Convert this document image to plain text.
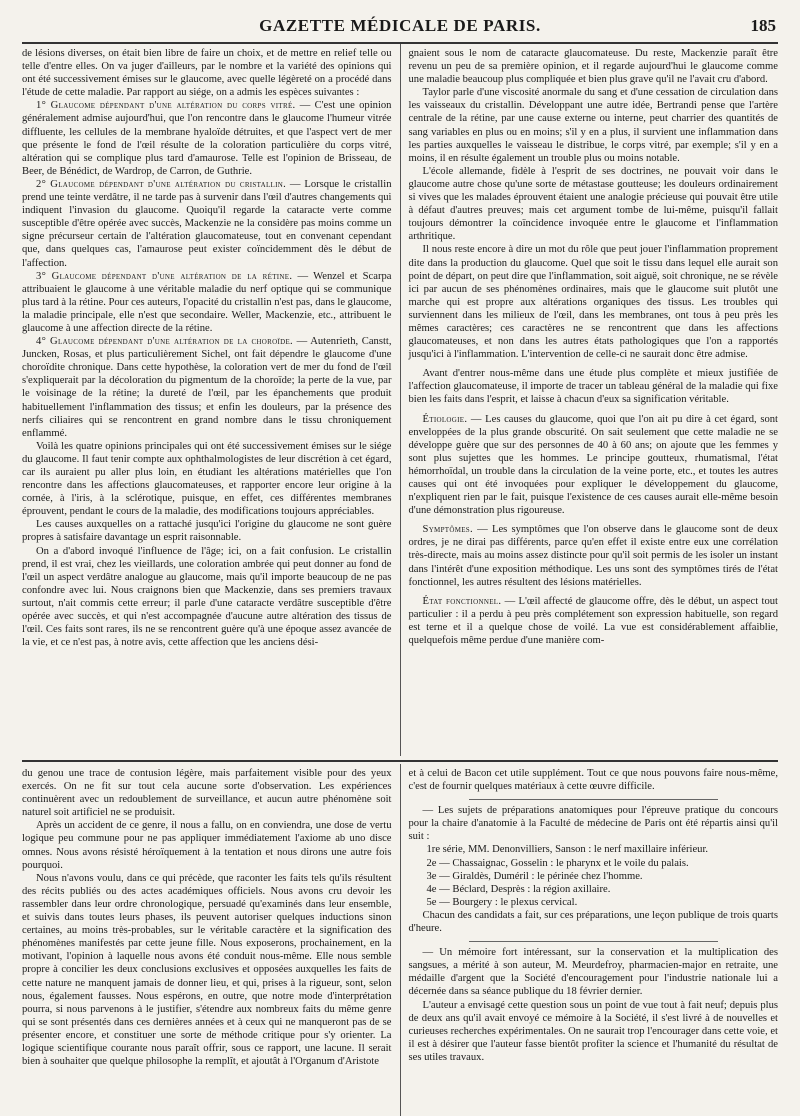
GAZETTE MÉDICALE DE PARIS.	185

de lésions diverses, on était bien libre de faire un choix, et de mettre en relief telle ou telle d'entre elles. On va juger d'ailleurs, par le nombre et la variété des opinions qui ont été successivement émises sur le glaucome, avec quelle légèreté on a procédé dans l'étude de cette maladie. Par rapport au siége, on a admis les espèces suivantes :

1° Glaucome dépendant d'une altération du corps vitré. — C'est une opinion généralement admise aujourd'hui, que l'on rencontre dans le glaucome l'humeur vitrée diffluente, les cellules de la membrane hyaloïde détruites, et que l'aspect vert de mer que présente le fond de l'œil résulte de la coloration particulière du corps vitré, altération qui se complique plus tard d'amaurose. Telle est l'opinion de Brisseau, de Beer, de Bénédict, de Wardrop, de Carron, de Guthrie.

2° Glaucome dépendant d'une altération du cristallin. — Lorsque le cristallin prend une teinte verdâtre, il ne tarde pas à survenir dans l'œil d'autres changements qui indiquent l'invasion du glaucome. Quoiqu'il regarde la cataracte verte comme susceptible d'être opérée avec succès, Mackenzie ne la considère pas moins comme un signe précurseur certain de l'altération glaucomateuse, tout en convenant cependant que, dans quelques cas, l'amaurose peut exister coïncidemment dès le début de l'affection.

3° Glaucome dépendant d'une altération de la rétine. — Wenzel et Scarpa attribuaient le glaucome à une véritable maladie du nerf optique qui se communique plus tard à la rétine. Pour ces auteurs, l'opacité du cristallin n'est pas, dans le glaucome, la maladie principale, elle n'est que secondaire. Weller, Mackenzie, etc., attribuent le glaucome à une affection directe de la rétine.

4° Glaucome dépendant d'une altération de la choroïde. — Autenrieth, Canstt, Juncken, Rosas, et plus particulièrement Sichel, ont fait dépendre le glaucome d'une choroïdite chronique. Dans cette hypothèse, la coloration vert de mer du fond de l'œil s'expliquerait par la décoloration du pigmentum de la choroïde; la perte de la vue, par le voisinage de la rétine; la dureté de l'œil, par les épanchements que produit habituellement l'inflammation des tissus; et enfin les douleurs, par la présence des nerfs ciliaires qui se rencontrent en grand nombre dans le tissu chroniquement enflammé.

Voilà les quatre opinions principales qui ont été successivement émises sur le siége du glaucome. Il faut tenir compte aux ophthalmologistes de leur discrétion à cet égard, car ils auraient pu aller plus loin, en étudiant les altérations matérielles que l'on rencontre dans les affections glaucomateuses, et rapporter encore leur origine à la cornée, à l'iris, à la sclérotique, puisque, en effet, ces différentes membranes éprouvent, pendant le cours de la maladie, des modifications toujours appréciables.

Les causes auxquelles on a rattaché jusqu'ici l'origine du glaucome ne sont guère propres à satisfaire davantage un esprit raisonnable.

On a d'abord invoqué l'influence de l'âge; ici, on a fait confusion. Le cristallin prend, il est vrai, chez les vieillards, une coloration ambrée qui peut donner au fond de l'œil un aspect verdâtre analogue au glaucome, mais qu'il importe beaucoup de ne pas confondre avec lui. Nous craignons bien que Mackenzie, dans ses premiers travaux surtout, n'ait commis cette erreur; il parle d'une cataracte verdâtre susceptible d'être opérée avec succès, et qui n'est accompagnée d'aucune autre altération des tissus de l'œil. Ces faits sont rares, ils ne se rencontrent guère qu'à une époque assez avancée de la vie, et ce n'est pas, à notre avis, cette affection que les anciens dési-

gnaient sous le nom de cataracte glaucomateuse. Du reste, Mackenzie paraît être revenu un peu de sa première opinion, et il regarde aujourd'hui le glaucome comme une maladie beaucoup plus compliquée et bien plus grave qu'il ne l'avait cru d'abord.

Taylor parle d'une viscosité anormale du sang et d'une cessation de circulation dans les vaisseaux du cristallin. Développant une autre idée, Bertrandi pense que l'artère centrale de la rétine, par une cause externe ou interne, peut charrier des quantités de sang variables en plus ou en moins; s'il y en a plus, il survient une inflammation dans les parties auxquelles le vaisseau le distribue, le corps vitré, par exemple; s'il y en a moins, il en résulte également un trouble plus ou moins notable.

L'école allemande, fidèle à l'esprit de ses doctrines, ne pouvait voir dans le glaucome autre chose qu'une sorte de métastase goutteuse; les douleurs ordinairement si vives que les malades éprouvent étaient une analogie précieuse qui pouvait être utile à défaut d'autres preuves; mais cet argument tombe de lui-même, puisqu'il fallait toujours démontrer la coïncidence invoquée entre le glaucome et l'inflammation arthritique.

Il nous reste encore à dire un mot du rôle que peut jouer l'inflammation proprement dite dans la production du glaucome. Quel que soit le tissu dans lequel elle aurait son point de départ, on peut dire que l'inflammation, soit aiguë, soit chronique, ne se révèle ici par aucun de ses phénomènes ordinaires, mais que le glaucome suit plutôt une marche qui est propre aux altérations organiques des tissus. Les troubles qui surviennent dans les milieux de l'œil, dans les membranes, ont tous à peu près les mêmes caractères; ces caractères ne se rencontrent que dans les affections glaucomateuses, et non dans les autres états pathologiques que l'on a rapportés jusqu'ici à l'inflammation. L'intervention de celle-ci ne saurait donc être admise.

Avant d'entrer nous-même dans une étude plus complète et mieux justifiée de l'affection glaucomateuse, il importe de tracer un tableau général de la maladie qui fixe bien les faits dans l'esprit, et laisse à chacun d'eux sa signification véritable.

Étiologie. — Les causes du glaucome, quoi que l'on ait pu dire à cet égard, sont enveloppées de la plus grande obscurité. On sait seulement que cette maladie ne se développe guère que sur des personnes de 40 à 60 ans; on ajoute que les femmes y sont plus sujettes que les hommes. Le principe goutteux, rhumatismal, l'état hémorrhoïdal, un trouble dans la circulation de la veine porte, etc., et toutes les autres causes qui ont été invoquées pour expliquer le développement du glaucome, n'expliquent rien par le fait, puisque l'existence de ces causes aurait elle-même besoin d'une démonstration plus rigoureuse.

Symptômes. — Les symptômes que l'on observe dans le glaucome sont de deux ordres, je ne dirai pas différents, parce qu'en effet il existe entre eux une corrélation très-directe, mais au moins assez distincte pour qu'il soit permis de les isoler un instant dans l'intérêt d'une exposition méthodique. Les uns sont des symptômes tirés de l'état fonctionnel, les autres résultent des lésions matérielles.

État fonctionnel. — L'œil affecté de glaucome offre, dès le début, un aspect tout particulier : il a perdu à peu près complétement son expression habituelle, son regard est terne et il a quelque chose de voilé. La vue est considérablement affaiblie, quelquefois même perdue d'une manière com-

du genou une trace de contusion légère, mais parfaitement visible pour des yeux exercés. On ne fit sur tout cela aucune sorte d'observation. Les expériences continuèrent avec un redoublement de surveillance, et aucun autre phénomène soit naturel soit artificiel ne se produisit.

Après un accident de ce genre, il nous a fallu, on en conviendra, une dose de vertu logique peu commune pour ne pas appliquer immédiatement l'axiome ab uno disce omnes. Nous avons résisté héroïquement à la tentation et nous dirons une autre fois pourquoi.

Nous n'avons voulu, dans ce qui précède, que raconter les faits tels qu'ils résultent des récits publiés ou des actes académiques officiels. Nous avons cru devoir les rassembler dans leur ordre chronologique, persuadé qu'examinés dans leur ensemble, et suivis dans toutes leurs phases, ils peuvent autoriser quelques inductions sinon certaines, au moins très-probables, sur le véritable caractère et la signification des phénomènes manifestés par cette jeune fille. Nous exposerons, prochainement, en la motivant, l'opinion à laquelle nous avons été conduit nous-même. Elle nous semble propre à concilier les deux conclusions exclusives et opposées auxquelles les faits de cette nature ne manquent jamais de donner lieu, et qui, prises à la rigueur, sont, selon nous, également fausses. Nous espérons, en outre, que notre mode d'interprétation pourra, si nous parvenons à le justifier, s'étendre aux nombreux faits du même genre qui se sont présentés dans ces dernières années et à ceux qui ne manqueront pas de se présenter encore, et constituer une sorte de méthode critique pour s'y orienter. La logique scientifique courante nous paraît offrir, sous ce rapport, une lacune. Il serait bien à souhaiter que quelque philosophe la remplît, et ajoutât à l'Organum d'Aristote

et à celui de Bacon cet utile supplément. Tout ce que nous pouvons faire nous-même, c'est de fournir quelques matériaux à cette œuvre difficile.

— Les sujets de préparations anatomiques pour l'épreuve pratique du concours pour la chaire d'anatomie à la Faculté de médecine de Paris ont été répartis ainsi qu'il suit :

1re série, MM. Denonvilliers, Sanson : le nerf maxillaire inférieur.

2e — Chassaignac, Gosselin : le pharynx et le voile du palais.

3e — Giraldès, Duméril : le périnée chez l'homme.

4e — Béclard, Desprès : la région axillaire.

5e — Bourgery : le plexus cervical.

Chacun des candidats a fait, sur ces préparations, une leçon publique de trois quarts d'heure.

— Un mémoire fort intéressant, sur la conservation et la multiplication des sangsues, a mérité à son auteur, M. Meurdefroy, pharmacien-major en retraite, une médaille d'argent que la Société d'encouragement pour l'industrie nationale lui a décernée dans sa séance publique du 18 février dernier.

L'auteur a envisagé cette question sous un point de vue tout à fait neuf; depuis plus de deux ans qu'il avait envoyé ce mémoire à la Société, il s'est livré à de nouvelles et curieuses recherches expérimentales. On ne saurait trop l'encourager dans cette voie, et il est à désirer que l'auteur fasse bientôt profiter la science et l'humanité du résultat de ses utiles travaux.
